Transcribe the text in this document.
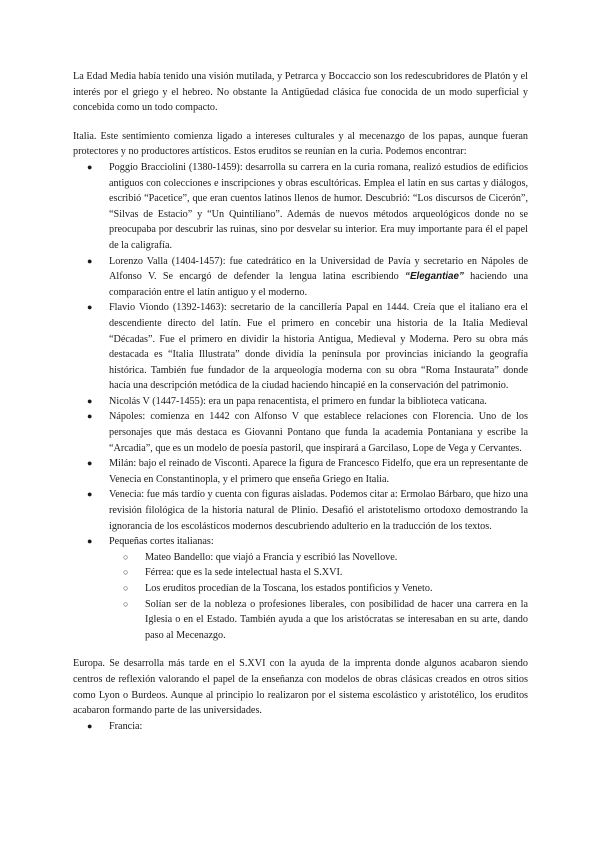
La Edad Media había tenido una visión mutilada, y Petrarca y Boccaccio son los redescubridores de Platón y el interés por el griego y el hebreo. No obstante la Antigüedad clásica fue conocida de un modo superficial y concebida como un todo compacto.

Italia. Este sentimiento comienza ligado a intereses culturales y al mecenazgo de los papas, aunque fueran protectores y no productores artísticos. Estos eruditos se reunían en la curia. Podemos encontrar:

● Poggio Bracciolini (1380-1459): desarrolla su carrera en la curia romana, realizó estudios de edificios antiguos con colecciones e inscripciones y obras escultóricas. Emplea el latín en sus cartas y diálogos, escribió “Pacetice”, que eran cuentos latinos llenos de humor. Descubrió: “Los discursos de Cicerón”, “Silvas de Estacio” y “Un Quintiliano”. Además de nuevos métodos arqueológicos donde no se preocupaba por descubrir las ruinas, sino por desvelar su interior. Era muy importante para él el papel de la caligrafía.
● Lorenzo Valla (1404-1457): fue catedrático en la Universidad de Pavía y secretario en Nápoles de Alfonso V. Se encargó de defender la lengua latina escribiendo “Elegantiae” haciendo una comparación entre el latín antiguo y el moderno.
● Flavio Viondo (1392-1463): secretario de la cancillería Papal en 1444. Creía que el italiano era el descendiente directo del latín. Fue el primero en concebir una historia de la Italia Medieval “Décadas”. Fue el primero en dividir la historia Antigua, Medieval y Moderna. Pero su obra más destacada es “Italia Illustrata” donde dividía la península por provincias iniciando la geografía histórica. También fue fundador de la arqueología moderna con su obra “Roma Instaurata” donde hacía una descripción metódica de la ciudad haciendo hincapié en la conservación del patrimonio.
● Nicolás V (1447-1455): era un papa renacentista, el primero en fundar la biblioteca vaticana.
● Nápoles: comienza en 1442 con Alfonso V que establece relaciones con Florencia. Uno de los personajes que más destaca es Giovanni Pontano que funda la academia Pontaniana y escribe la “Arcadia”, que es un modelo de poesía pastoril, que inspirará a Garcilaso, Lope de Vega y Cervantes.
● Milán: bajo el reinado de Visconti. Aparece la figura de Francesco Fidelfo, que era un representante de Venecia en Constantinopla, y el primero que enseña Griego en Italia.
● Venecia: fue más tardío y cuenta con figuras aisladas. Podemos citar a: Ermolao Bárbaro, que hizo una revisión filológica de la historia natural de Plinio. Desafió el aristotelismo ortodoxo demostrando la ignorancia de los escolásticos modernos descubriendo adulterio en la traducción de los textos.
● Pequeñas cortes italianas:
○ Mateo Bandello: que viajó a Francia y escribió las Novellove.
○ Férrea: que es la sede intelectual hasta el S.XVI.
○ Los eruditos procedían de la Toscana, los estados pontificios y Veneto.
○ Solían ser de la nobleza o profesiones liberales, con posibilidad de hacer una carrera en la Iglesia o en el Estado. También ayuda a que los aristócratas se interesaban en su arte, dando paso al Mecenazgo.

Europa. Se desarrolla más tarde en el S.XVI con la ayuda de la imprenta donde algunos acabaron siendo centros de reflexión valorando el papel de la enseñanza con modelos de obras clásicas creados en otros sitios como Lyon o Burdeos. Aunque al principio lo realizaron por el sistema escolástico y aristotélico, los eruditos acabaron formando parte de las universidades.

● Francia:
